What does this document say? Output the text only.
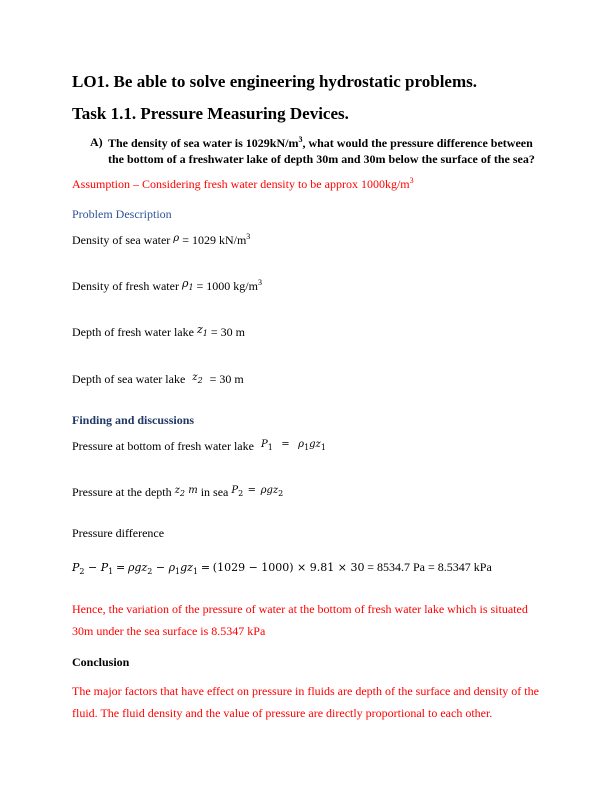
LO1. Be able to solve engineering hydrostatic problems.
Task 1.1. Pressure Measuring Devices.
A) The density of sea water is $1029kN/m^3$, what would the pressure difference between the bottom of a freshwater lake of depth 30m and 30m below the surface of the sea?
Assumption – Considering fresh water density to be approx $1000kg/m^3$
Problem Description
Density of sea water $^\rho$ = 1029 $kN/m^3$
Density of fresh water $\rho_1 = 1000$ $kg/m^3$
Depth of fresh water lake $z_1 = 30$ m
Depth of sea water lake $^{z_2}$ = 30 m
Finding and discussions
Pressure at bottom of fresh water lake $P_1 = \rho_1gz_1$
Pressure at the depth $^{z_2 m}$ in sea $^{P_2 = \rho gz_2}$
Pressure difference
$P_2 - P_1 = \rho gz_2 - \rho_1gz_1 = (1029 - 1000) \times 9.81 \times 30 = 8534.7$ Pa = 8.5347 kPa
Hence, the variation of the pressure of water at the bottom of fresh water lake which is situated 30m under the sea surface is 8.5347 kPa
Conclusion
The major factors that have effect on pressure in fluids are depth of the surface and density of the fluid. The fluid density and the value of pressure are directly proportional to each other.
